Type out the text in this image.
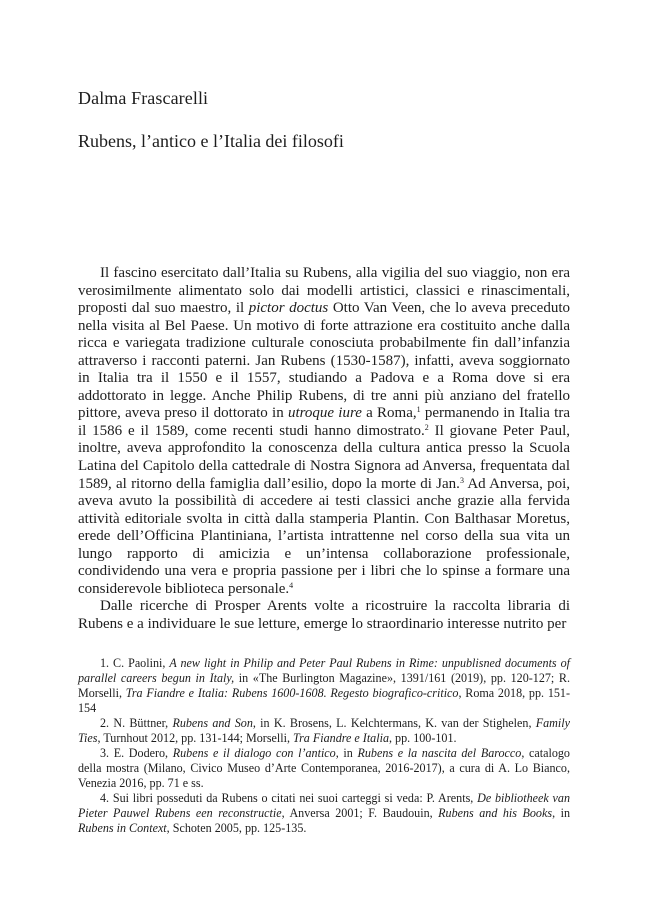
Dalma Frascarelli
Rubens, l’antico e l’Italia dei filosofi

Il fascino esercitato dall’Italia su Rubens, alla vigilia del suo viaggio, non era verosimilmente alimentato solo dai modelli artistici, classici e rinascimentali, proposti dal suo maestro, il pictor doctus Otto Van Veen, che lo aveva preceduto nella visita al Bel Paese. Un motivo di forte attrazione era costituito anche dalla ricca e variegata tradizione culturale conosciuta probabilmente fin dall’infanzia attraverso i racconti paterni. Jan Rubens (1530-1587), infatti, aveva soggiornato in Italia tra il 1550 e il 1557, studiando a Padova e a Roma dove si era addottorato in legge. Anche Philip Rubens, di tre anni più anziano del fratello pittore, aveva preso il dottorato in utroque iure a Roma,$^1$ permanendo in Italia tra il 1586 e il 1589, come recenti studi hanno dimostrato.$^2$ Il giovane Peter Paul, inoltre, aveva approfondito la conoscenza della cultura antica presso la Scuola Latina del Capitolo della cattedrale di Nostra Signora ad Anversa, frequentata dal 1589, al ritorno della famiglia dall’esilio, dopo la morte di Jan.$^3$ Ad Anversa, poi, aveva avuto la possibilità di accedere ai testi classici anche grazie alla fervida attività editoriale svolta in città dalla stamperia Plantin. Con Balthasar Moretus, erede dell’Officina Plantiniana, l’artista intrattenne nel corso della sua vita un lungo rapporto di amicizia e un’intensa collaborazione professionale, condividendo una vera e propria passione per i libri che lo spinse a formare una considerevole biblioteca personale.$^4$

Dalle ricerche di Prosper Arents volte a ricostruire la raccolta libraria di Rubens e a individuare le sue letture, emerge lo straordinario interesse nutrito per

1. C. Paolini, A new light in Philip and Peter Paul Rubens in Rime: unpublisned documents of parallel careers begun in Italy, in «The Burlington Magazine», 1391/161 (2019), pp. 120-127; R. Morselli, Tra Fiandre e Italia: Rubens 1600-1608. Regesto biografico-critico, Roma 2018, pp. 151-154

2. N. Büttner, Rubens and Son, in K. Brosens, L. Kelchtermans, K. van der Stighelen, Family Ties, Turnhout 2012, pp. 131-144; Morselli, Tra Fiandre e Italia, pp. 100-101.

3. E. Dodero, Rubens e il dialogo con l’antico, in Rubens e la nascita del Barocco, catalogo della mostra (Milano, Civico Museo d’Arte Contemporanea, 2016-2017), a cura di A. Lo Bianco, Venezia 2016, pp. 71 e ss.

4. Sui libri posseduti da Rubens o citati nei suoi carteggi si veda: P. Arents, De bibliotheek van Pieter Pauwel Rubens een reconstructie, Anversa 2001; F. Baudouin, Rubens and his Books, in Rubens in Context, Schoten 2005, pp. 125-135.
